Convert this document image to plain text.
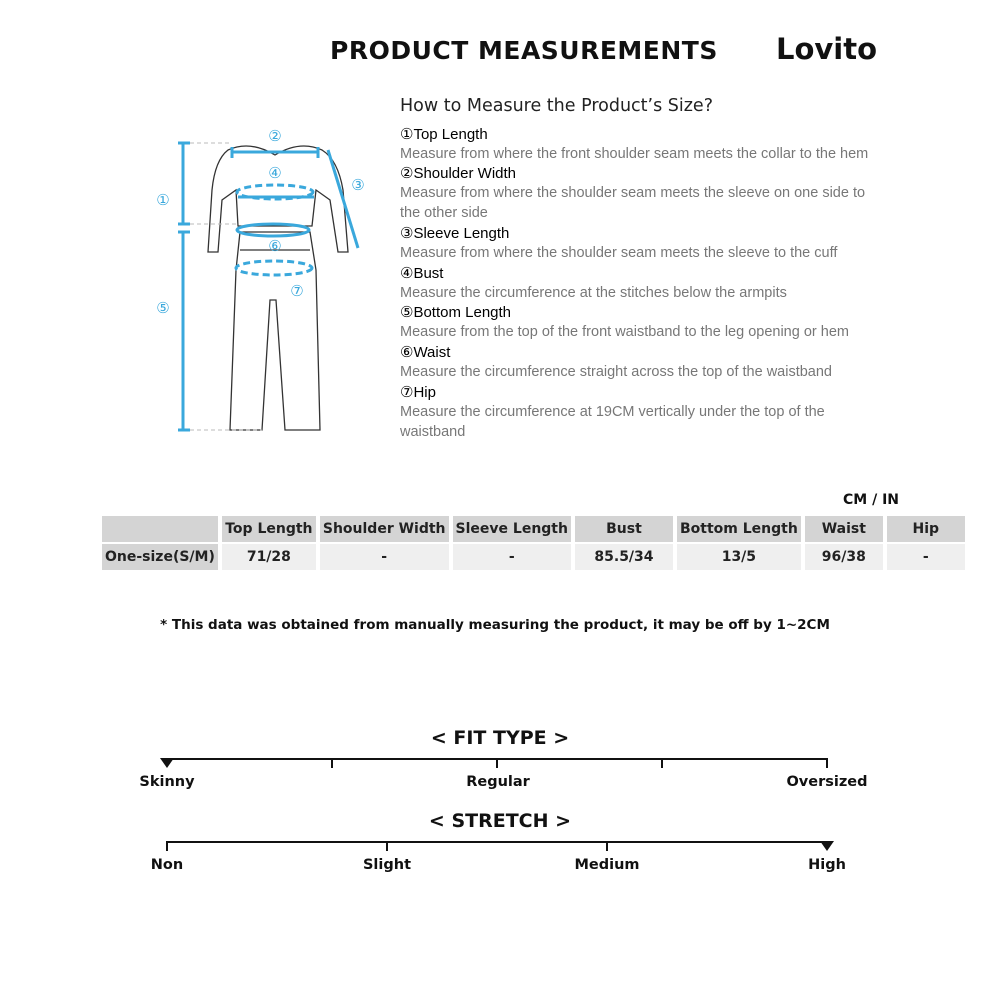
PRODUCT MEASUREMENTS Lovito
①
②
③
④
⑤
⑥
⑦
How to Measure the Product’s Size?
①Top Length
Measure from where the front shoulder seam meets the collar to the hem
②Shoulder Width
Measure from where the shoulder seam meets the sleeve on one side to the other side
③Sleeve Length
Measure from where the shoulder seam meets the sleeve to the cuff
④Bust
Measure the circumference at the stitches below the armpits
⑤Bottom Length
Measure from the top of the front waistband to the leg opening or hem
⑥Waist
Measure the circumference straight across the top of the waistband
⑦Hip
Measure the circumference at 19CM vertically under the top of the waistband
CM / IN
	Top Length	Shoulder Width	Sleeve Length	Bust	Bottom Length	Waist	Hip
One-size(S/M)	71/28	-	-	85.5/34	13/5	96/38	-
* This data was obtained from manually measuring the product, it may be off by 1~2CM
< FIT TYPE >
Skinny	Regular	Oversized
< STRETCH >
Non	Slight	Medium	High
